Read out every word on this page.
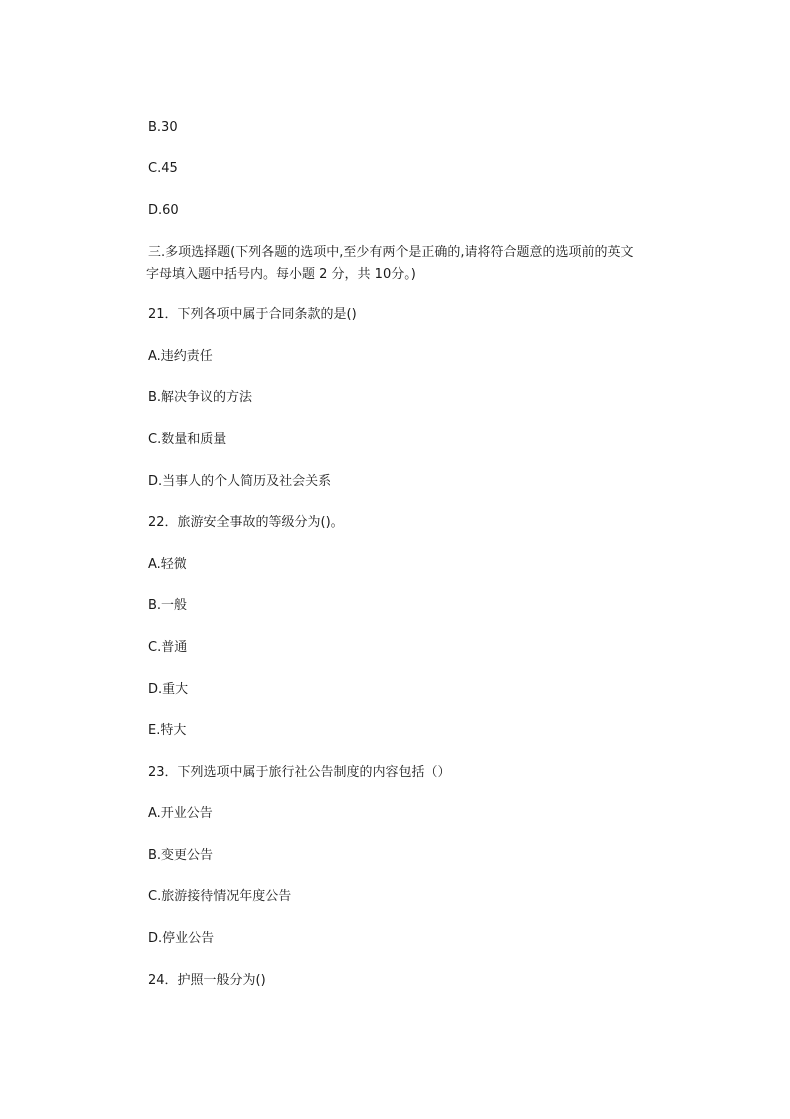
B.30
C.45
D.60
三.多项选择题(下列各题的选项中,至少有两个是正确的,请将符合题意的选项前的英文
字母填入题中括号内。每小题 2 分，共 10分。)
21．下列各项中属于合同条款的是()
A.违约责任
B.解决争议的方法
C.数量和质量
D.当事人的个人简历及社会关系
22．旅游安全事故的等级分为()。
A.轻微
B.一般
C.普通
D.重大
E.特大
23．下列选项中属于旅行社公告制度的内容包括（）
A.开业公告
B.变更公告
C.旅游接待情况年度公告
D.停业公告
24．护照一般分为()
